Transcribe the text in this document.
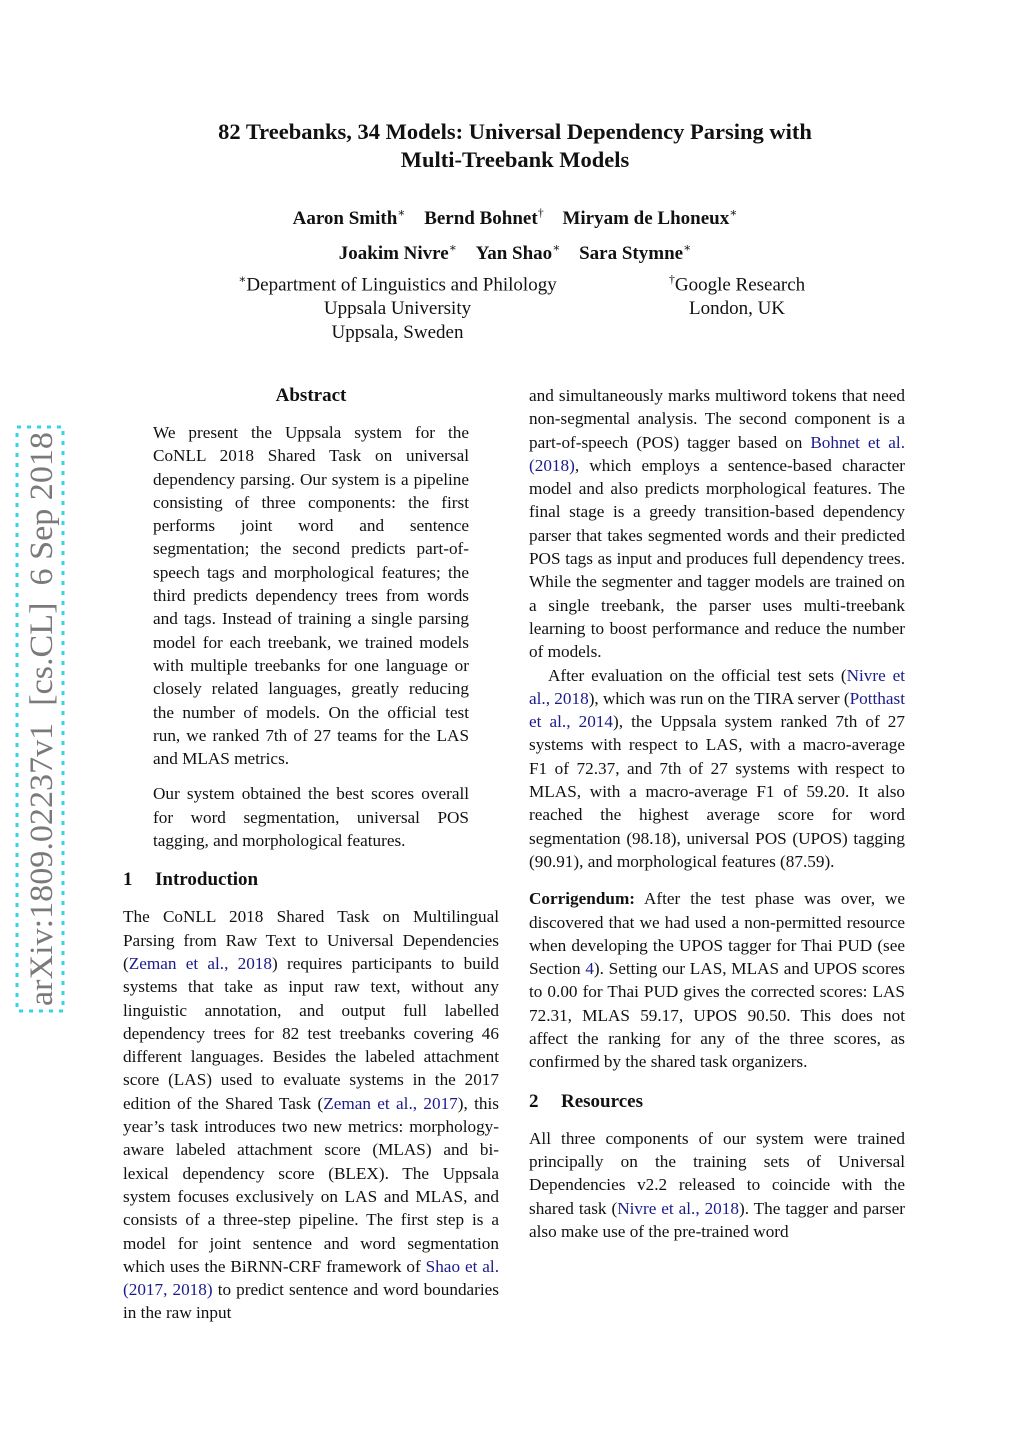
arXiv:1809.02237v1  [cs.CL]  6 Sep 2018
82 Treebanks, 34 Models: Universal Dependency Parsing with
Multi-Treebank Models
Aaron Smith∗ Bernd Bohnet† Miryam de Lhoneux∗
Joakim Nivre∗ Yan Shao∗ Sara Stymne∗
∗Department of Linguistics and Philology
Uppsala University
Uppsala, Sweden
†Google Research
London, UK
Abstract

We present the Uppsala system for the CoNLL 2018 Shared Task on universal dependency parsing. Our system is a pipeline consisting of three components: the first performs joint word and sentence segmentation; the second predicts part-of-speech tags and morphological features; the third predicts dependency trees from words and tags. Instead of training a single parsing model for each treebank, we trained models with multiple treebanks for one language or closely related languages, greatly reducing the number of models. On the official test run, we ranked 7th of 27 teams for the LAS and MLAS metrics.

Our system obtained the best scores overall for word segmentation, universal POS tagging, and morphological features.

1 Introduction

The CoNLL 2018 Shared Task on Multilingual Parsing from Raw Text to Universal Dependencies (Zeman et al., 2018) requires participants to build systems that take as input raw text, without any linguistic annotation, and output full labelled dependency trees for 82 test treebanks covering 46 different languages. Besides the labeled attachment score (LAS) used to evaluate systems in the 2017 edition of the Shared Task (Zeman et al., 2017), this year’s task introduces two new metrics: morphology-aware labeled attachment score (MLAS) and bi-lexical dependency score (BLEX). The Uppsala system focuses exclusively on LAS and MLAS, and consists of a three-step pipeline. The first step is a model for joint sentence and word segmentation which uses the BiRNN-CRF framework of Shao et al. (2017, 2018) to predict sentence and word boundaries in the raw input

and simultaneously marks multiword tokens that need non-segmental analysis. The second component is a part-of-speech (POS) tagger based on Bohnet et al. (2018), which employs a sentence-based character model and also predicts morphological features. The final stage is a greedy transition-based dependency parser that takes segmented words and their predicted POS tags as input and produces full dependency trees. While the segmenter and tagger models are trained on a single treebank, the parser uses multi-treebank learning to boost performance and reduce the number of models.

After evaluation on the official test sets (Nivre et al., 2018), which was run on the TIRA server (Potthast et al., 2014), the Uppsala system ranked 7th of 27 systems with respect to LAS, with a macro-average F1 of 72.37, and 7th of 27 systems with respect to MLAS, with a macro-average F1 of 59.20. It also reached the highest average score for word segmentation (98.18), universal POS (UPOS) tagging (90.91), and morphological features (87.59).

Corrigendum: After the test phase was over, we discovered that we had used a non-permitted resource when developing the UPOS tagger for Thai PUD (see Section 4). Setting our LAS, MLAS and UPOS scores to 0.00 for Thai PUD gives the corrected scores: LAS 72.31, MLAS 59.17, UPOS 90.50. This does not affect the ranking for any of the three scores, as confirmed by the shared task organizers.

2 Resources

All three components of our system were trained principally on the training sets of Universal Dependencies v2.2 released to coincide with the shared task (Nivre et al., 2018). The tagger and parser also make use of the pre-trained word
